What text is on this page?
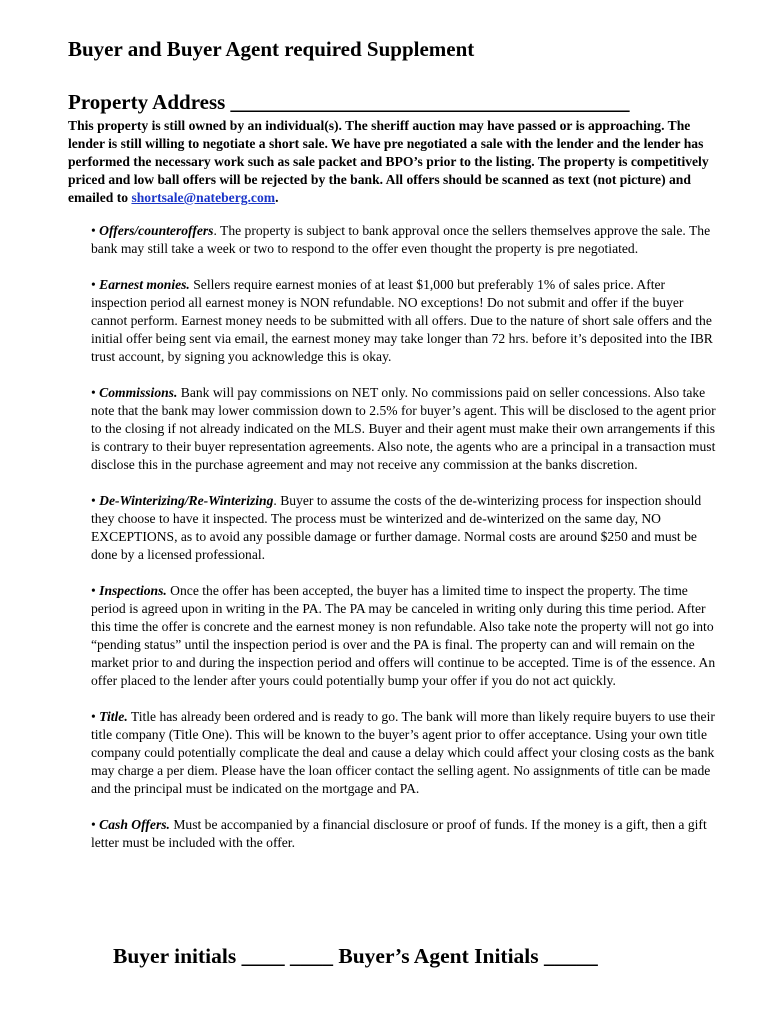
Buyer and Buyer Agent required Supplement
Property Address ______________________________________

This property is still owned by an individual(s). The sheriff auction may have passed or is approaching. The lender is still willing to negotiate a short sale. We have pre negotiated a sale with the lender and the lender has performed the necessary work such as sale packet and BPO’s prior to the listing. The property is competitively priced and low ball offers will be rejected by the bank. All offers should be scanned as text (not picture) and emailed to shortsale@nateberg.com.

• Offers/counteroffers. The property is subject to bank approval once the sellers themselves approve the sale. The bank may still take a week or two to respond to the offer even thought the property is pre negotiated.

• Earnest monies. Sellers require earnest monies of at least $1,000 but preferably 1% of sales price. After inspection period all earnest money is NON refundable. NO exceptions! Do not submit and offer if the buyer cannot perform. Earnest money needs to be submitted with all offers. Due to the nature of short sale offers and the initial offer being sent via email, the earnest money may take longer than 72 hrs. before it’s deposited into the IBR trust account, by signing you acknowledge this is okay.

• Commissions. Bank will pay commissions on NET only. No commissions paid on seller concessions. Also take note that the bank may lower commission down to 2.5% for buyer’s agent. This will be disclosed to the agent prior to the closing if not already indicated on the MLS. Buyer and their agent must make their own arrangements if this is contrary to their buyer representation agreements. Also note, the agents who are a principal in a transaction must disclose this in the purchase agreement and may not receive any commission at the banks discretion.

• De-Winterizing/Re-Winterizing. Buyer to assume the costs of the de-winterizing process for inspection should they choose to have it inspected. The process must be winterized and de-winterized on the same day, NO EXCEPTIONS, as to avoid any possible damage or further damage. Normal costs are around $250 and must be done by a licensed professional.

• Inspections. Once the offer has been accepted, the buyer has a limited time to inspect the property. The time period is agreed upon in writing in the PA. The PA may be canceled in writing only during this time period. After this time the offer is concrete and the earnest money is non refundable. Also take note the property will not go into “pending status” until the inspection period is over and the PA is final. The property can and will remain on the market prior to and during the inspection period and offers will continue to be accepted. Time is of the essence. An offer placed to the lender after yours could potentially bump your offer if you do not act quickly.

• Title. Title has already been ordered and is ready to go. The bank will more than likely require buyers to use their title company (Title One). This will be known to the buyer’s agent prior to offer acceptance. Using your own title company could potentially complicate the deal and cause a delay which could affect your closing costs as the bank may charge a per diem. Please have the loan officer contact the selling agent. No assignments of title can be made and the principal must be indicated on the mortgage and PA.

• Cash Offers. Must be accompanied by a financial disclosure or proof of funds. If the money is a gift, then a gift letter must be included with the offer.

Buyer initials ____ ____ Buyer’s Agent Initials _____
